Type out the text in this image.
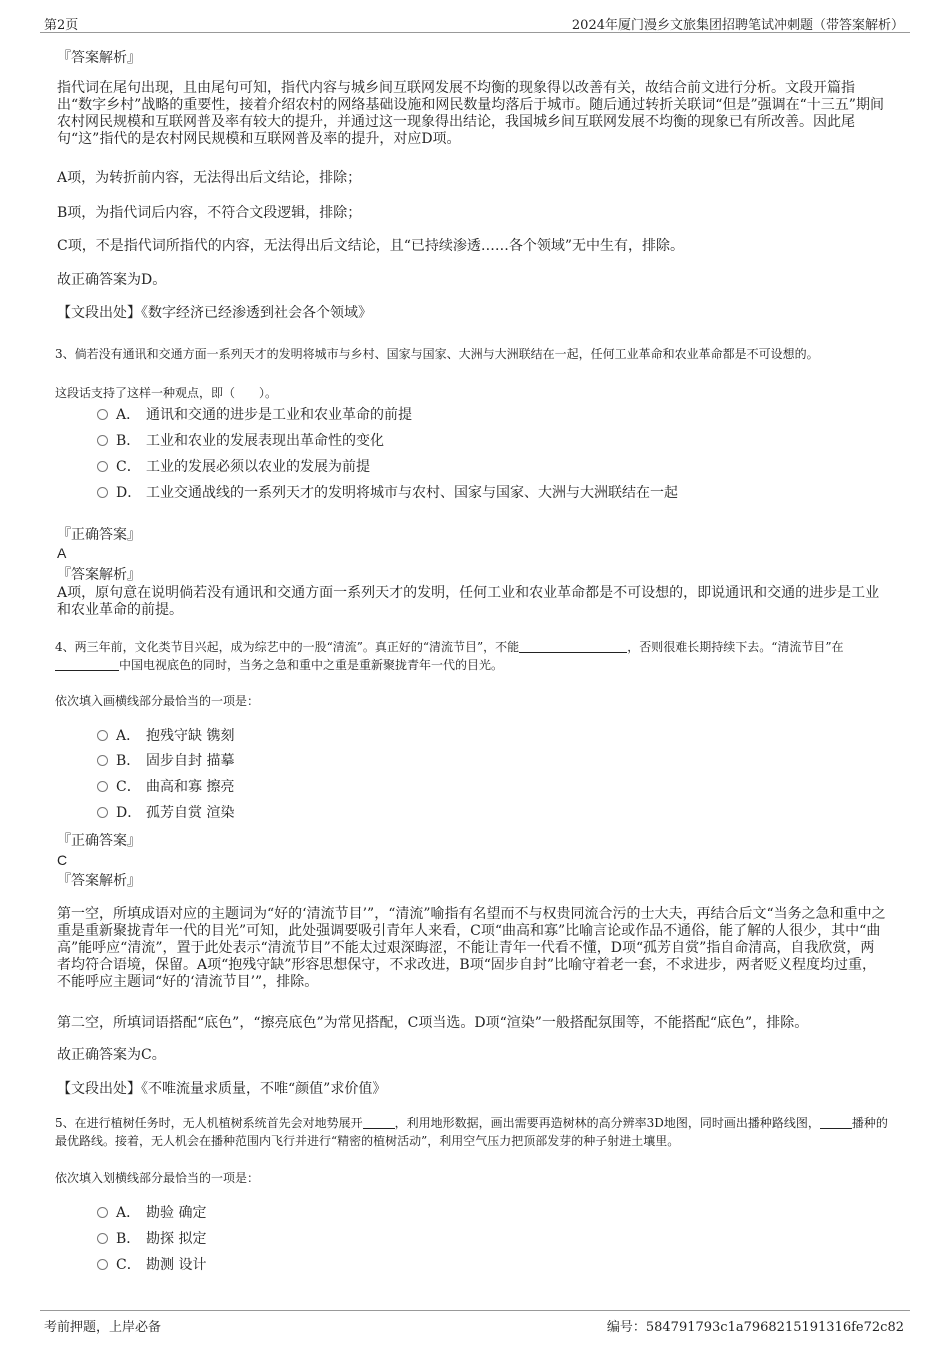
第2页	2024年厦门漫乡文旅集团招聘笔试冲刺题（带答案解析）
『答案解析』
指代词在尾句出现，且由尾句可知，指代内容与城乡间互联网发展不均衡的现象得以改善有关，故结合前文进行分析。文段开篇指出“数字乡村”战略的重要性，接着介绍农村的网络基础设施和网民数量均落后于城市。随后通过转折关联词“但是”强调在“十三五”期间农村网民规模和互联网普及率有较大的提升，并通过这一现象得出结论，我国城乡间互联网发展不均衡的现象已有所改善。因此尾句“这”指代的是农村网民规模和互联网普及率的提升，对应D项。
A项，为转折前内容，无法得出后文结论，排除；
B项，为指代词后内容，不符合文段逻辑，排除；
C项，不是指代词所指代的内容，无法得出后文结论，且“已持续渗透……各个领域”无中生有，排除。
故正确答案为D。
【文段出处】《数字经济已经渗透到社会各个领域》
3、倘若没有通讯和交通方面一系列天才的发明将城市与乡村、国家与国家、大洲与大洲联结在一起，任何工业革命和农业革命都是不可设想的。
这段话支持了这样一种观点，即（　　）。
A． 通讯和交通的进步是工业和农业革命的前提
B． 工业和农业的发展表现出革命性的变化
C． 工业的发展必须以农业的发展为前提
D． 工业交通战线的一系列天才的发明将城市与农村、国家与国家、大洲与大洲联结在一起
『正确答案』
A
『答案解析』
A项，原句意在说明倘若没有通讯和交通方面一系列天才的发明，任何工业和农业革命都是不可设想的，即说通讯和交通的进步是工业和农业革命的前提。
4、两三年前，文化类节目兴起，成为综艺中的一股“清流”。真正好的“清流节目”，不能	，否则很难长期持续下去。“清流节目”在中国电视底色的同时，当务之急和重中之重是重新聚拢青年一代的目光。
依次填入画横线部分最恰当的一项是：
A． 抱残守缺 镌刻
B． 固步自封 描摹
C． 曲高和寡 擦亮
D． 孤芳自赏 渲染
『正确答案』
C
『答案解析』
第一空，所填成语对应的主题词为“好的‘清流节目’”，“清流”喻指有名望而不与权贵同流合污的士大夫，再结合后文“当务之急和重中之重是重新聚拢青年一代的目光”可知，此处强调要吸引青年人来看，C项“曲高和寡”比喻言论或作品不通俗，能了解的人很少，其中“曲高”能呼应“清流”，置于此处表示“清流节目”不能太过艰深晦涩，不能让青年一代看不懂，D项“孤芳自赏”指自命清高，自我欣赏，两者均符合语境，保留。A项“抱残守缺”形容思想保守，不求改进，B项“固步自封”比喻守着老一套，不求进步，两者贬义程度均过重，不能呼应主题词“好的‘清流节目’”，排除。
第二空，所填词语搭配“底色”，“擦亮底色”为常见搭配，C项当选。D项“渲染”一般搭配氛围等，不能搭配“底色”，排除。
故正确答案为C。
【文段出处】《不唯流量求质量，不唯“颜值”求价值》
5、在进行植树任务时，无人机植树系统首先会对地势展开	，利用地形数据，画出需要再造树林的高分辨率3D地图，同时画出播种路线图，	播种的最优路线。接着，无人机会在播种范围内飞行并进行“精密的植树活动”，利用空气压力把顶部发芽的种子射进土壤里。
依次填入划横线部分最恰当的一项是：
A． 勘验 确定
B． 勘探 拟定
C． 勘测 设计
考前押题，上岸必备	编号：584791793c1a7968215191316fe72c82
